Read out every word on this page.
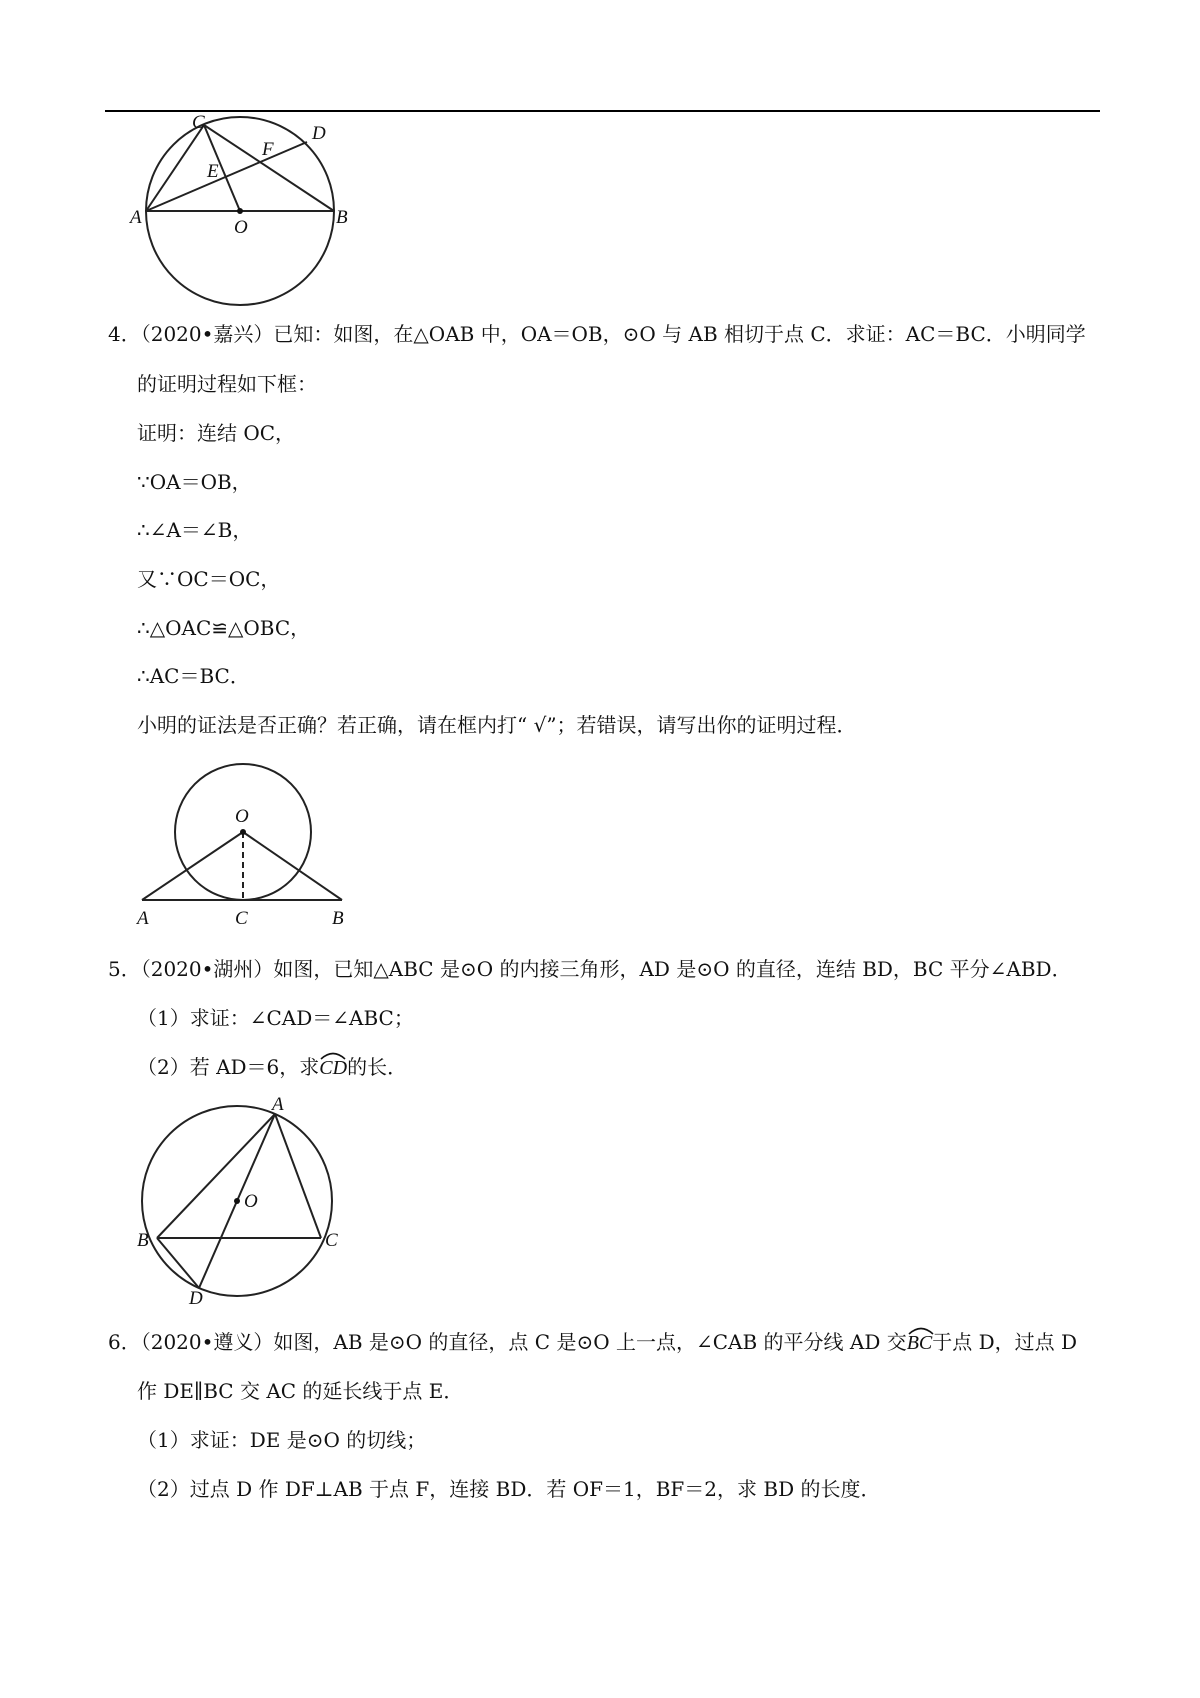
C
D
F
E
A	O	B
4．（2020•嘉兴）已知：如图，在△OAB 中，OA＝OB，⊙O 与 AB 相切于点 C．求证：AC＝BC．小明同学
的证明过程如下框：
证明：连结 OC，
∵OA＝OB，
∴∠A＝∠B，
又∵OC＝OC，
∴△OAC≌△OBC，
∴AC＝BC．
小明的证法是否正确？若正确，请在框内打“ √”；若错误，请写出你的证明过程．
O
A	C	B
5．（2020•湖州）如图，已知△ABC 是⊙O 的内接三角形，AD 是⊙O 的直径，连结 BD，BC 平分∠ABD．
（1）求证：∠CAD＝∠ABC；
（2）若 AD＝6，求CD
的长．
A
O
B	C
D
6．（2020•遵义）如图，AB 是⊙O 的直径，点 C 是⊙O 上一点，∠CAB 的平分线 AD 交BC
于点 D，过点 D
作 DE∥BC 交 AC 的延长线于点 E．
（1）求证：DE 是⊙O 的切线；
（2）过点 D 作 DF⊥AB 于点 F，连接 BD．若 OF＝1，BF＝2，求 BD 的长度．
